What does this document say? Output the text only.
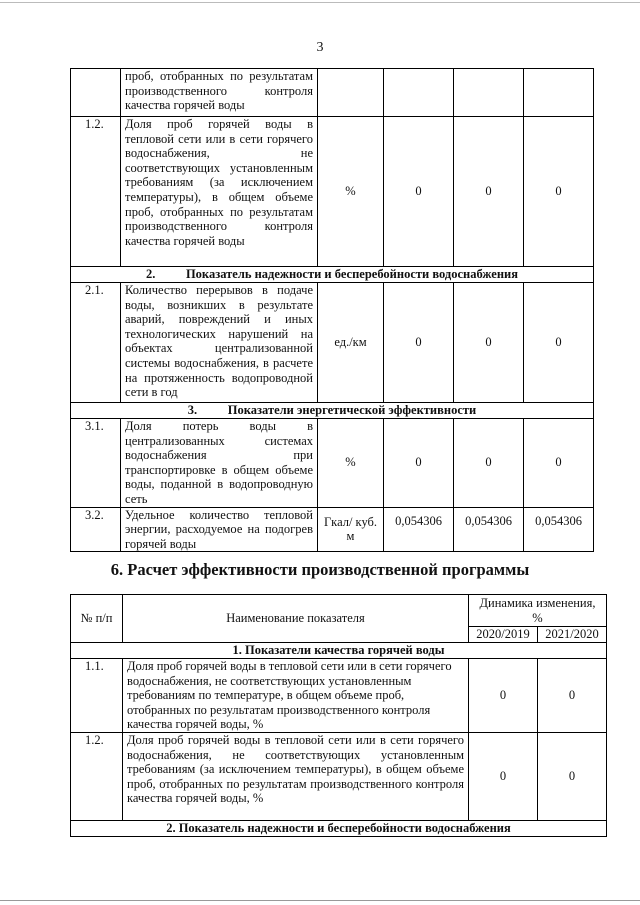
3
	проб, отобранных по результатам производственного контроля качества горячей воды				
1.2.	Доля проб горячей воды в тепловой сети или в сети горячего водоснабжения, не соответствующих установленным требованиям (за исключением температуры), в общем объеме проб, отобранных по результатам производственного контроля качества горячей воды	%	0	0	0
2. Показатель надежности и бесперебойности водоснабжения					
2.1.	Количество перерывов в подаче воды, возникших в результате аварий, повреждений и иных технологических нарушений на объектах централизованной системы водоснабжения, в расчете на протяженность водопроводной сети в год	ед./км	0	0	0
3. Показатели энергетической эффективности					
3.1.	Доля потерь воды в централизованных системах водоснабжения при транспортировке в общем объеме воды, поданной в водопроводную сеть	%	0	0	0
3.2.	Удельное количество тепловой энергии, расходуемое на подогрев горячей воды	Гкал/ куб. м	0,054306	0,054306	0,054306
6. Расчет эффективности производственной программы
№ п/п	Наименование показателя	Динамика изменения, %	
		2020/2019	2021/2020
1. Показатели качества горячей воды			
1.1.	Доля проб горячей воды в тепловой сети или в сети горячего водоснабжения, не соответствующих установленным требованиям по температуре, в общем объеме проб, отобранных по результатам производственного контроля качества горячей воды, %	0	0
1.2.	Доля проб горячей воды в тепловой сети или в сети горячего водоснабжения, не соответствующих установленным требованиям (за исключением температуры), в общем объеме проб, отобранных по результатам производственного контроля качества горячей воды, %	0	0
2. Показатель надежности и бесперебойности водоснабжения			
